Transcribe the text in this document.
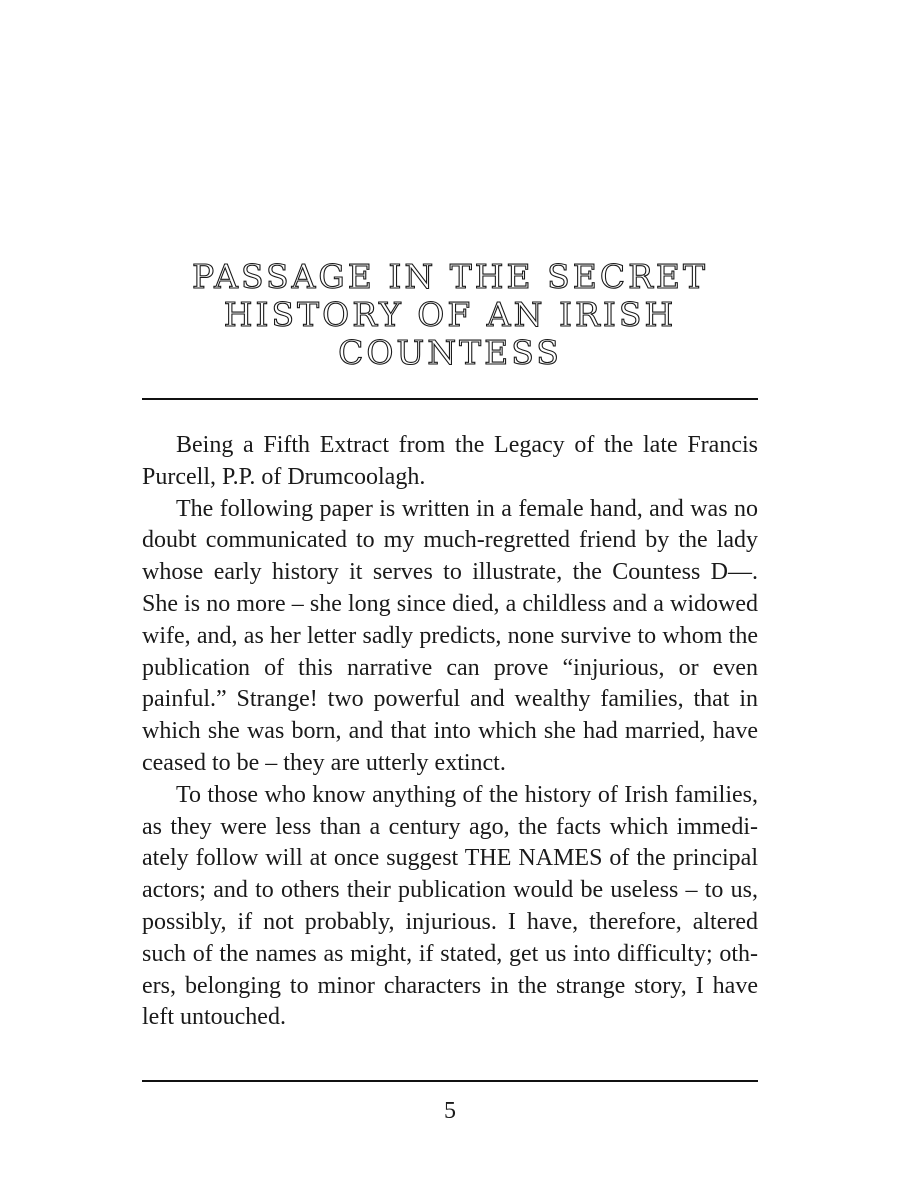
PASSAGE IN THE SECRET
HISTORY OF AN IRISH
COUNTESS

Being a Fifth Extract from the Legacy of the late Francis Purcell, P.P. of Drumcoolagh.

The following paper is written in a female hand, and was no doubt communicated to my much-regretted friend by the lady whose early history it serves to illustrate, the Countess D—. She is no more – she long since died, a childless and a widowed wife, and, as her letter sadly predicts, none survive to whom the publication of this narrative can prove “injurious, or even painful.” Strange! two powerful and wealthy families, that in which she was born, and that into which she had married, have ceased to be – they are utterly extinct.

To those who know anything of the history of Irish families, as they were less than a century ago, the facts which immediately follow will at once suggest THE NAMES of the principal actors; and to others their publication would be useless – to us, possibly, if not probably, injurious. I have, therefore, altered such of the names as might, if stated, get us into difficulty; others, belonging to minor characters in the strange story, I have left untouched.

5
